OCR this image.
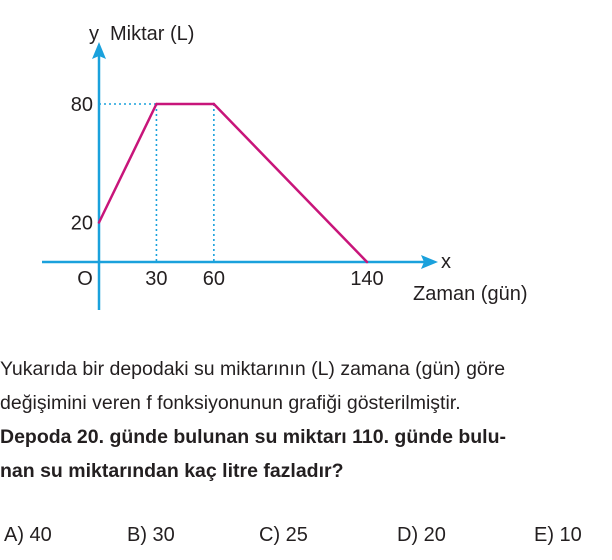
y Miktar (L)
x
Zaman (gün)
O	30 60	140
80
20
Yukarıda bir depodaki su miktarının (L) zamana (gün) göre
değişimini veren f fonksiyonunun grafiği gösterilmiştir.
Depoda 20. günde bulunan su miktarı 110. günde bulu-
nan su miktarından kaç litre fazladır?
A) 40	B) 30	C) 25	D) 20	E) 10
